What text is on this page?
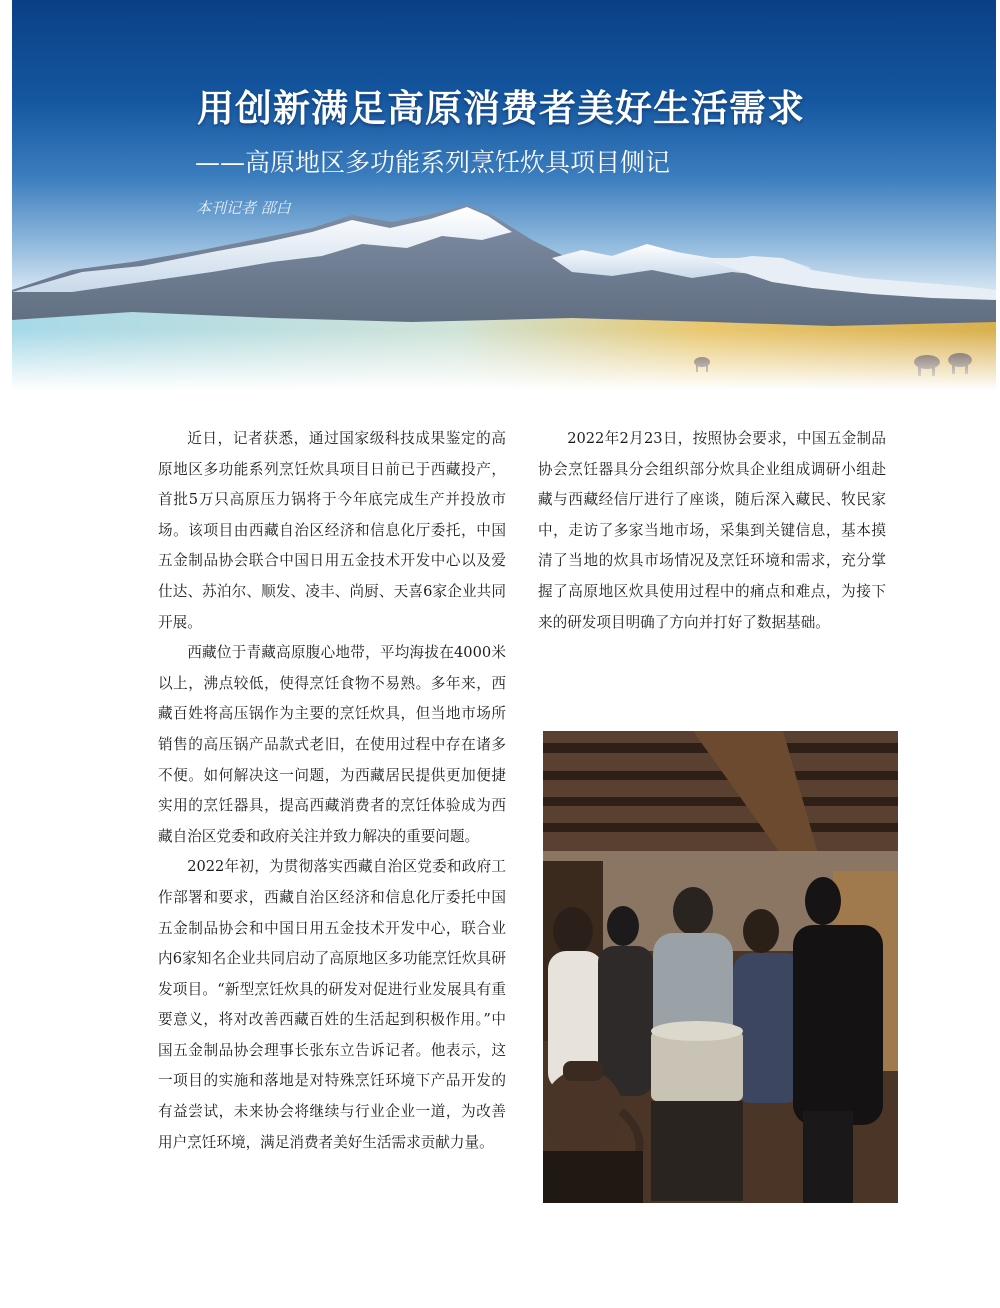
用创新满足高原消费者美好生活需求
——高原地区多功能系列烹饪炊具项目侧记
本刊记者 邵白

近日，记者获悉，通过国家级科技成果鉴定的高原地区多功能系列烹饪炊具项目日前已于西藏投产，首批5万只高原压力锅将于今年底完成生产并投放市场。该项目由西藏自治区经济和信息化厅委托，中国五金制品协会联合中国日用五金技术开发中心以及爱仕达、苏泊尔、顺发、凌丰、尚厨、天喜6家企业共同开展。

西藏位于青藏高原腹心地带，平均海拔在4000米以上，沸点较低，使得烹饪食物不易熟。多年来，西藏百姓将高压锅作为主要的烹饪炊具，但当地市场所销售的高压锅产品款式老旧，在使用过程中存在诸多不便。如何解决这一问题，为西藏居民提供更加便捷实用的烹饪器具，提高西藏消费者的烹饪体验成为西藏自治区党委和政府关注并致力解决的重要问题。

2022年初，为贯彻落实西藏自治区党委和政府工作部署和要求，西藏自治区经济和信息化厅委托中国五金制品协会和中国日用五金技术开发中心，联合业内6家知名企业共同启动了高原地区多功能烹饪炊具研发项目。“新型烹饪炊具的研发对促进行业发展具有重要意义，将对改善西藏百姓的生活起到积极作用。”中国五金制品协会理事长张东立告诉记者。他表示，这一项目的实施和落地是对特殊烹饪环境下产品开发的有益尝试，未来协会将继续与行业企业一道，为改善用户烹饪环境，满足消费者美好生活需求贡献力量。

2022年2月23日，按照协会要求，中国五金制品协会烹饪器具分会组织部分炊具企业组成调研小组赴藏与西藏经信厅进行了座谈，随后深入藏民、牧民家中，走访了多家当地市场，采集到关键信息，基本摸清了当地的炊具市场情况及烹饪环境和需求，充分掌握了高原地区炊具使用过程中的痛点和难点，为接下来的研发项目明确了方向并打好了数据基础。
